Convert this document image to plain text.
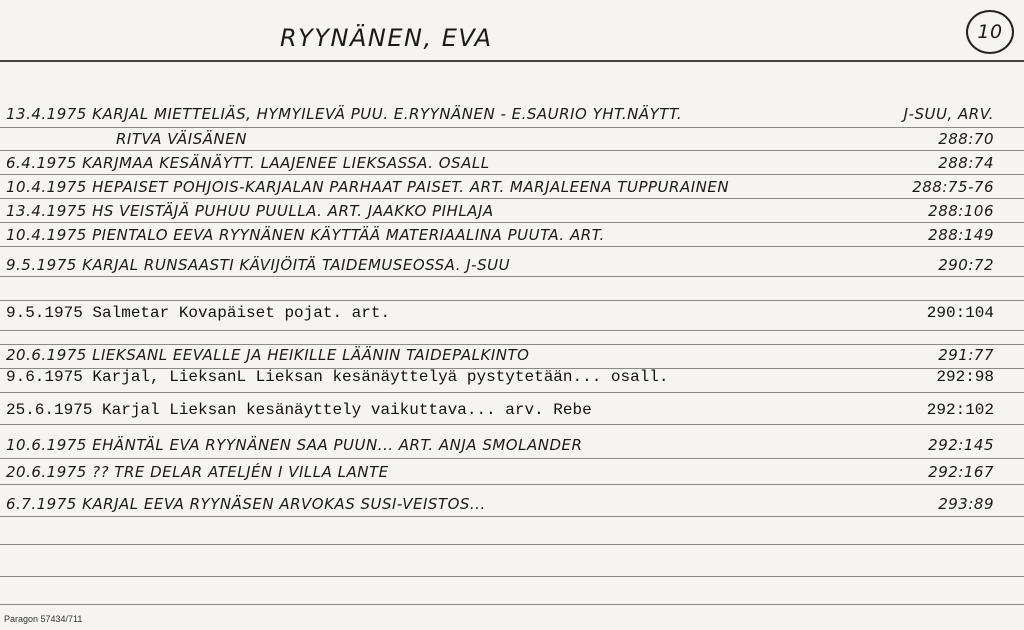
10
RYYNÄNEN, EVA
13.4.1975 KARJAL MIETTELIÄS, HYMYILEVÄ PUU. E.RYYNÄNEN - E.SAURIO YHT.NÄYTT.	J-SUU, ARV.
RITVA VÄISÄNEN	288:70
6.4.1975 KARJMAA KESÄNÄYTT. LAAJENEE LIEKSASSA. OSALL	288:74
10.4.1975 HEPAISET POHJOIS-KARJALAN PARHAAT PAISET. ART. MARJALEENA TUPPURAINEN	288:75-76
13.4.1975 HS VEISTÄJÄ PUHUU PUULLA. ART. JAAKKO PIHLAJA	288:106
10.4.1975 PIENTALO EEVA RYYNÄNEN KÄYTTÄÄ MATERIAALINA PUUTA. ART.	288:149
9.5.1975 KARJAL RUNSAASTI KÄVIJÖITÄ TAIDEMUSEOSSA. J-SUU	290:72
9.5.1975 Salmetar Kovapäiset pojat. art.	290:104
20.6.1975 LIEKSANL EEVALLE JA HEIKILLE LÄÄNIN TAIDEPALKINTO	291:77
9.6.1975 Karjal, LieksanL Lieksan kesänäyttelyä pystytetään... osall.	292:98
25.6.1975 Karjal Lieksan kesänäyttely vaikuttava... arv. Rebe	292:102
10.6.1975 EHÄNTÄL EVA RYYNÄNEN SAA PUUN... ART. ANJA SMOLANDER	292:145
20.6.1975 ?? TRE DELAR ATELJÉN I VILLA LANTE	292:167
6.7.1975 KARJAL EEVA RYYNÄSEN ARVOKAS SUSI-VEISTOS...	293:89
Paragon 57434/711
